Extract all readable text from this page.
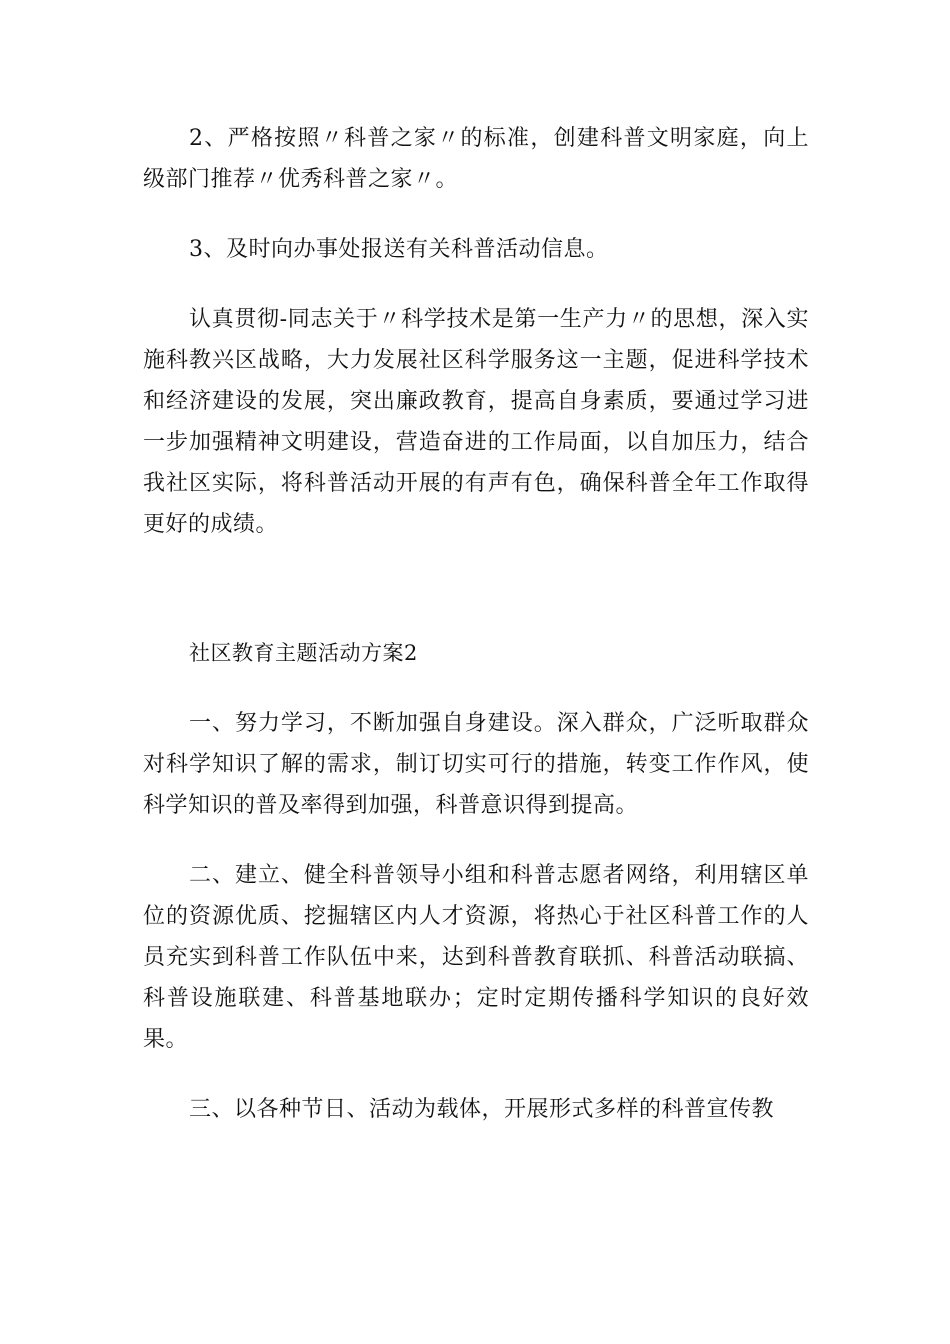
2、严格按照〃科普之家〃的标准，创建科普文明家庭，向上级部门推荐〃优秀科普之家〃。

3、及时向办事处报送有关科普活动信息。

认真贯彻-同志关于〃科学技术是第一生产力〃的思想，深入实施科教兴区战略，大力发展社区科学服务这一主题，促进科学技术和经济建设的发展，突出廉政教育，提高自身素质，要通过学习进一步加强精神文明建设，营造奋进的工作局面，以自加压力，结合我社区实际，将科普活动开展的有声有色，确保科普全年工作取得更好的成绩。

社区教育主题活动方案2

一、努力学习，不断加强自身建设。深入群众，广泛听取群众对科学知识了解的需求，制订切实可行的措施，转变工作作风，使科学知识的普及率得到加强，科普意识得到提高。

二、建立、健全科普领导小组和科普志愿者网络，利用辖区单位的资源优质、挖掘辖区内人才资源，将热心于社区科普工作的人员充实到科普工作队伍中来，达到科普教育联抓、科普活动联搞、科普设施联建、科普基地联办；定时定期传播科学知识的良好效果。

三、以各种节日、活动为载体，开展形式多样的科普宣传教
